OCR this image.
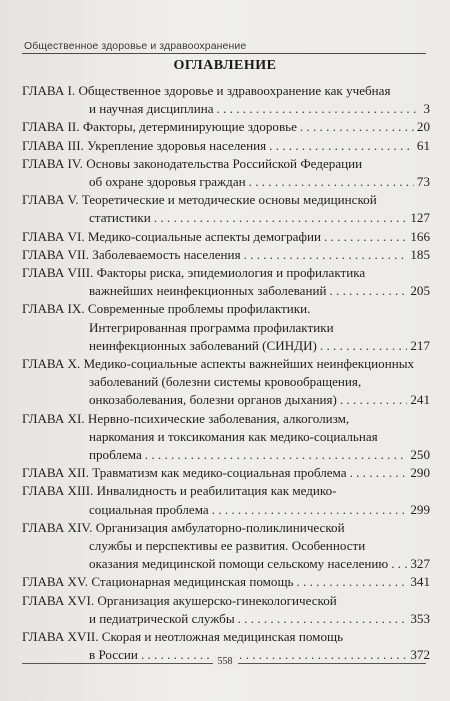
Общественное здоровье и здравоохранение
ОГЛАВЛЕНИЕ
ГЛАВА I. Общественное здоровье и здравоохранение как учебная
и научная дисциплина . . .	3
ГЛАВА II. Факторы, детерминирующие здоровье . . .	20
ГЛАВА III. Укрепление здоровья населения . . .	61
ГЛАВА IV. Основы законодательства Российской Федерации
об охране здоровья граждан . . .	73
ГЛАВА V. Теоретические и методические основы медицинской
статистики . . .	127
ГЛАВА VI. Медико-социальные аспекты демографии . . .	166
ГЛАВА VII. Заболеваемость населения . . .	185
ГЛАВА VIII. Факторы риска, эпидемиология и профилактика
важнейших неинфекционных заболеваний . . .	205
ГЛАВА IX. Современные проблемы профилактики.
Интегрированная программа профилактики
неинфекционных заболеваний (СИНДИ) . . .	217
ГЛАВА X. Медико-социальные аспекты важнейших неинфекционных
заболеваний (болезни системы кровообращения,
онкозаболевания, болезни органов дыхания) . . .	241
ГЛАВА XI. Нервно-психические заболевания, алкоголизм,
наркомания и токсикомания как медико-социальная
проблема . . .	250
ГЛАВА XII. Травматизм как медико-социальная проблема . . .	290
ГЛАВА XIII. Инвалидность и реабилитация как медико-
социальная проблема . . .	299
ГЛАВА XIV. Организация амбулаторно-поликлинической
службы и перспективы ее развития. Особенности
оказания медицинской помощи сельскому населению . . . 327
ГЛАВА XV. Стационарная медицинская помощь . . .	341
ГЛАВА XVI. Организация акушерско-гинекологической
и педиатрической службы . . .	353
ГЛАВА XVII. Скорая и неотложная медицинская помощь
в России . . .	372
558
